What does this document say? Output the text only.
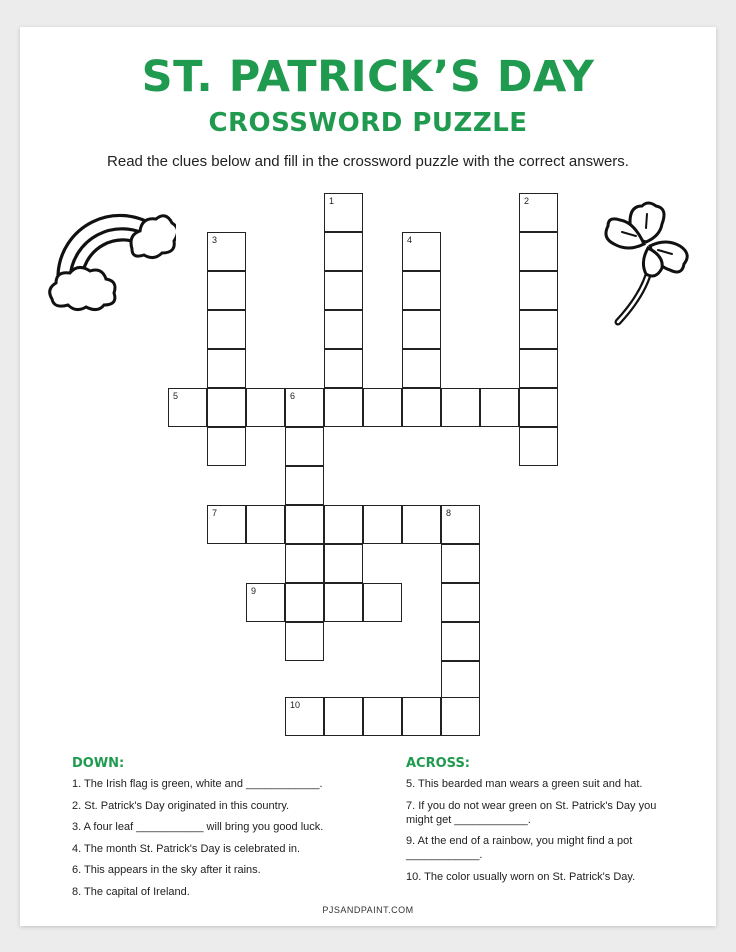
ST. PATRICK’S DAY
CROSSWORD PUZZLE
Read the clues below and fill in the crossword puzzle with the correct answers.
1	2
3	4
5	6
7	8
9
10
DOWN:
1. The Irish flag is green, white and ____________.
2. St. Patrick's Day originated in this country.
3. A four leaf ___________ will bring you good luck.
4. The month St. Patrick's Day is celebrated in.
6. This appears in the sky after it rains.
8. The capital of Ireland.
ACROSS:
5. This bearded man wears a green suit and hat.
7. If you do not wear green on St. Patrick's Day you might get ____________.
9. At the end of a rainbow, you might find a pot ____________.
10. The color usually worn on St. Patrick's Day.
PJSANDPAINT.COM
